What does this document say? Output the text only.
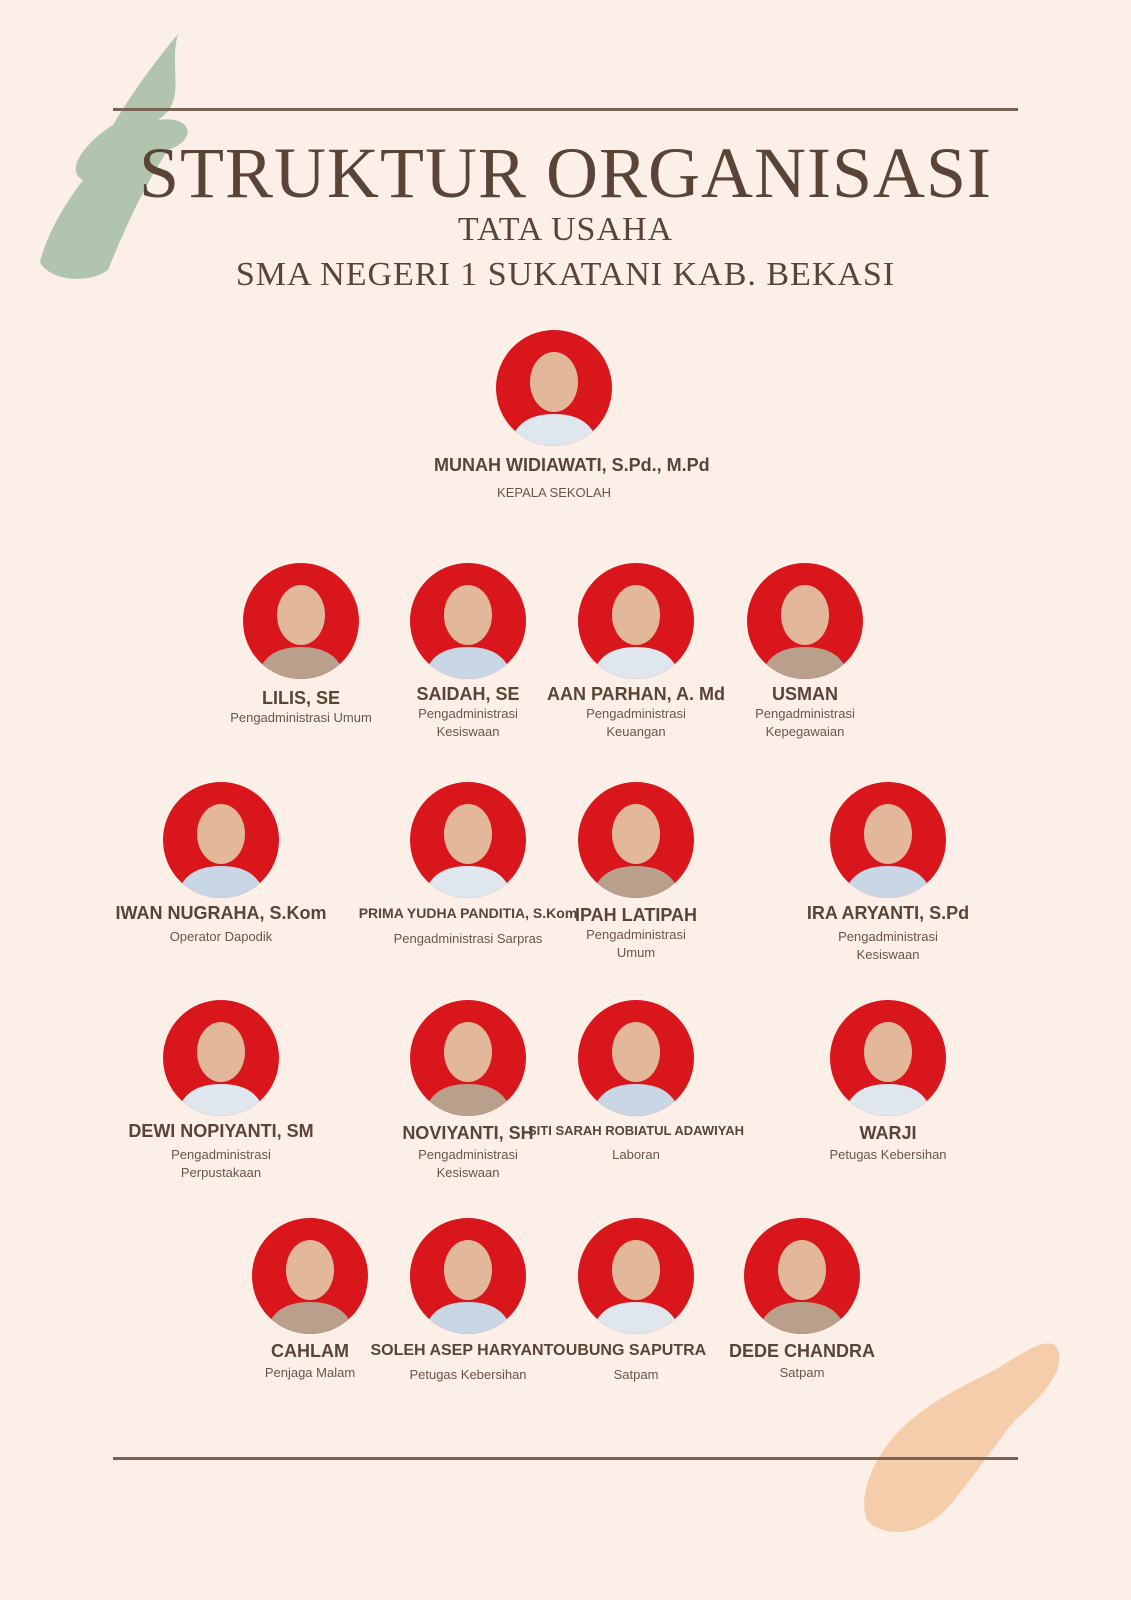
STRUKTUR ORGANISASI
TATA USAHA
SMA NEGERI 1 SUKATANI KAB. BEKASI
MUNAH WIDIAWATI, S.Pd., M.Pd
KEPALA SEKOLAH
LILIS, SE
Pengadministrasi Umum
SAIDAH, SE
Pengadministrasi
Kesiswaan
AAN PARHAN, A. Md
Pengadministrasi
Keuangan
USMAN
Pengadministrasi
Kepegawaian
IWAN NUGRAHA, S.Kom
Operator Dapodik
PRIMA YUDHA PANDITIA, S.Kom
Pengadministrasi Sarpras
IPAH LATIPAH
Pengadministrasi
Umum
IRA ARYANTI, S.Pd
Pengadministrasi
Kesiswaan
DEWI NOPIYANTI, SM
Pengadministrasi
Perpustakaan
NOVIYANTI, SH
Pengadministrasi
Kesiswaan
SITI SARAH ROBIATUL ADAWIYAH
Laboran
WARJI
Petugas Kebersihan
CAHLAM
Penjaga Malam
SOLEH ASEP HARYANTO
Petugas Kebersihan
UBUNG SAPUTRA
Satpam
DEDE CHANDRA
Satpam
